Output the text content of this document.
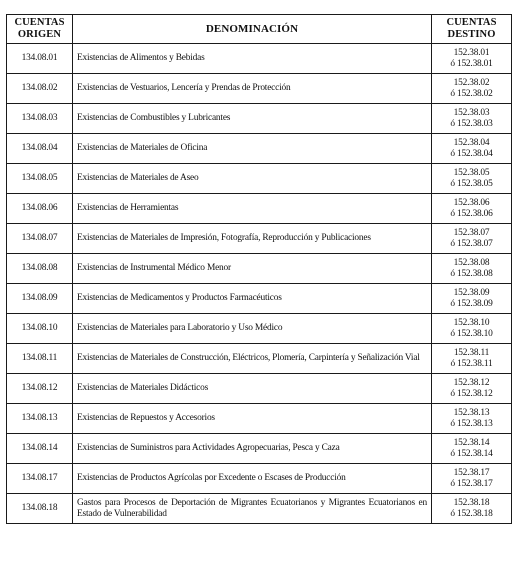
CUENTAS
ORIGEN	DENOMINACIÓN	CUENTAS
DESTINO

134.08.01	Existencias de Alimentos y Bebidas	152.38.01
ó 152.38.01

134.08.02	Existencias de Vestuarios, Lencería y Prendas de Protección	152.38.02
ó 152.38.02

134.08.03	Existencias de Combustibles y Lubricantes	152.38.03
ó 152.38.03

134.08.04	Existencias de Materiales de Oficina	152.38.04
ó 152.38.04

134.08.05	Existencias de Materiales de Aseo	152.38.05
ó 152.38.05

134.08.06	Existencias de Herramientas	152.38.06
ó 152.38.06

134.08.07	Existencias de Materiales de Impresión, Fotografía, Reproducción y Publicaciones	152.38.07
ó 152.38.07

134.08.08	Existencias de Instrumental Médico Menor	152.38.08
ó 152.38.08

134.08.09	Existencias de Medicamentos y Productos Farmacéuticos	152.38.09
ó 152.38.09

134.08.10	Existencias de Materiales para Laboratorio y Uso Médico	152.38.10
ó 152.38.10

134.08.11	Existencias de Materiales de Construcción, Eléctricos, Plomería, Carpintería y Señalización Vial	152.38.11
ó 152.38.11

134.08.12	Existencias de Materiales Didácticos	152.38.12
ó 152.38.12

134.08.13	Existencias de Repuestos y Accesorios	152.38.13
ó 152.38.13

134.08.14	Existencias de Suministros para Actividades Agropecuarias, Pesca y Caza	152.38.14
ó 152.38.14

134.08.17	Existencias de Productos Agrícolas por Excedente o Escases de Producción	152.38.17
ó 152.38.17

134.08.18	Gastos para Procesos de Deportación de Migrantes Ecuatorianos y Migrantes Ecuatorianos en Estado de Vulnerabilidad	152.38.18
ó 152.38.18
